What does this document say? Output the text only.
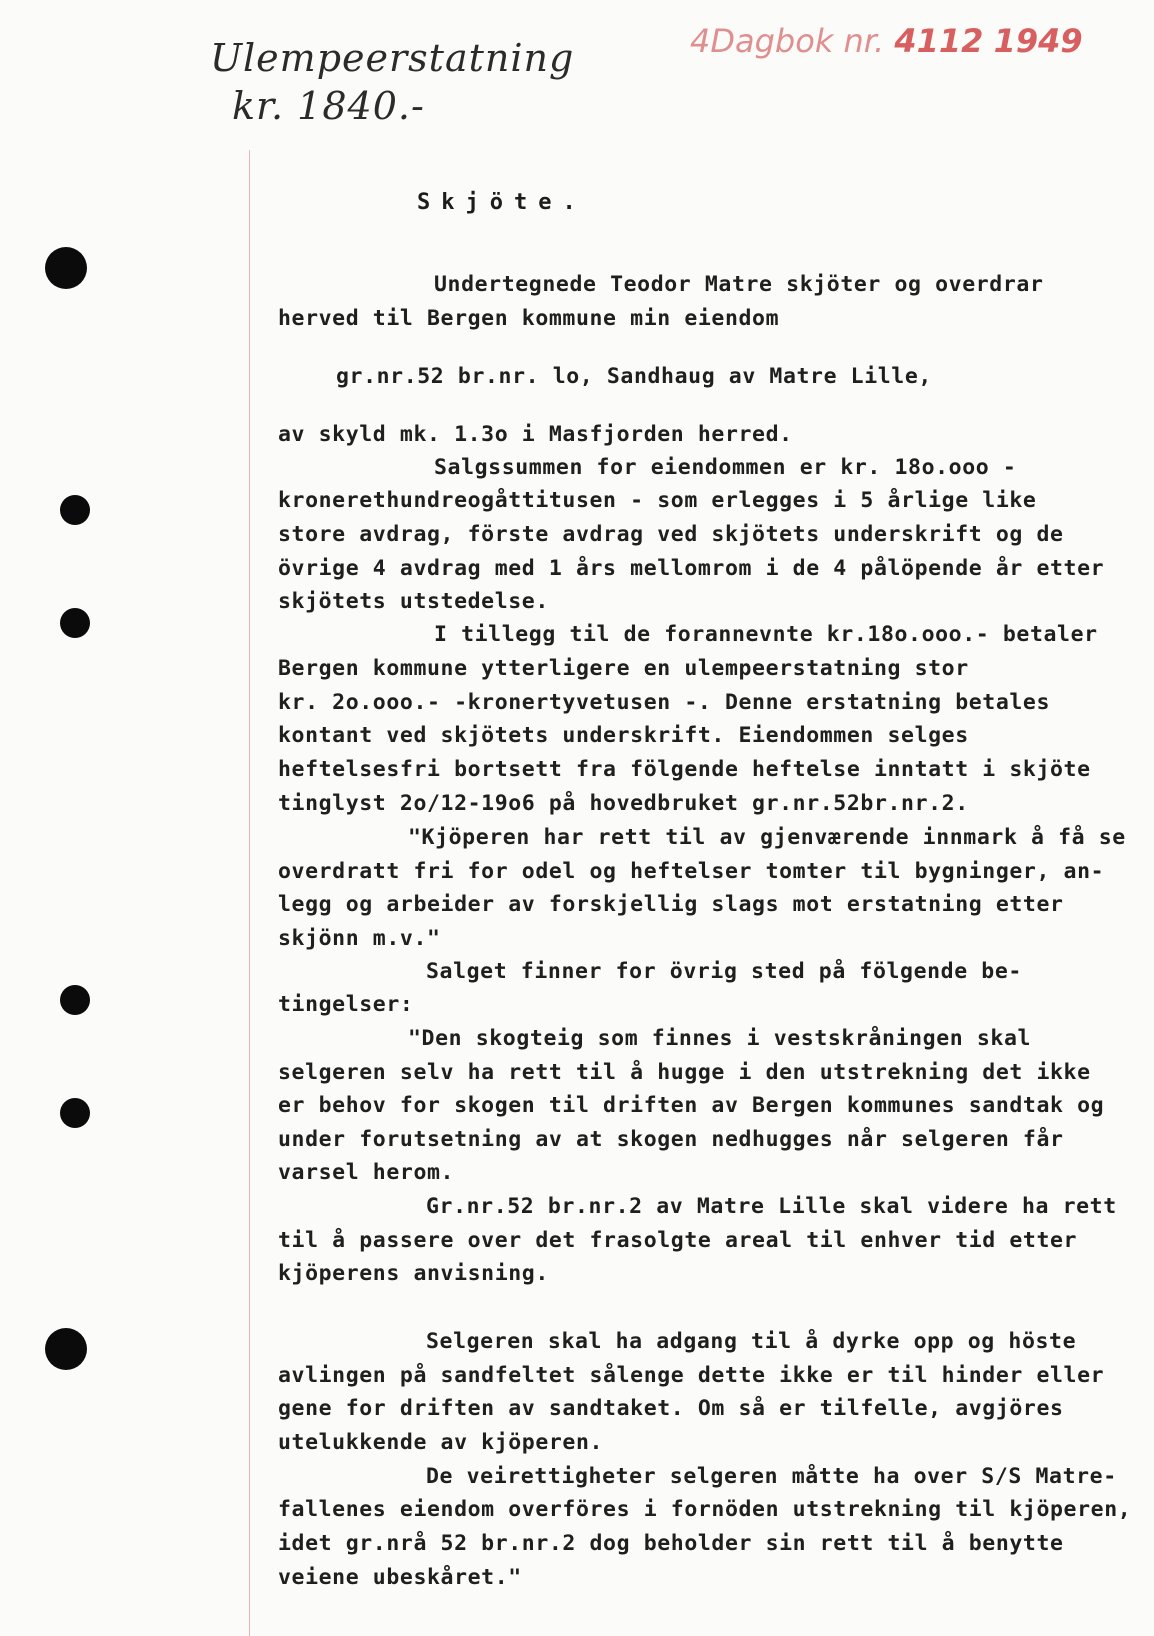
Ulempeerstatning
kr. 1840.-
4Dagbok nr. 4112 1949
Skjöte.
Undertegnede Teodor Matre skjöter og overdrar
herved til Bergen kommune min eiendom
gr.nr.52 br.nr. lo, Sandhaug av Matre Lille,
av skyld mk. 1.3o i Masfjorden herred.
Salgssummen for eiendommen er kr. 18o.ooo -
kronerethundreogåttitusen - som erlegges i 5 årlige like
store avdrag, förste avdrag ved skjötets underskrift og de
övrige 4 avdrag med 1 års mellomrom i de 4 pålöpende år etter
skjötets utstedelse.
I tillegg til de forannevnte kr.18o.ooo.- betaler
Bergen kommune ytterligere en ulempeerstatning stor
kr. 2o.ooo.- -kronertyvetusen -. Denne erstatning betales
kontant ved skjötets underskrift. Eiendommen selges
heftelsesfri bortsett fra fölgende heftelse inntatt i skjöte
tinglyst 2o/12-19o6 på hovedbruket gr.nr.52br.nr.2.
"Kjöperen har rett til av gjenværende innmark å få se
overdratt fri for odel og heftelser tomter til bygninger, an-
legg og arbeider av forskjellig slags mot erstatning etter
skjönn m.v."
Salget finner for övrig sted på fölgende be-
tingelser:
"Den skogteig som finnes i vestskråningen skal
selgeren selv ha rett til å hugge i den utstrekning det ikke
er behov for skogen til driften av Bergen kommunes sandtak og
under forutsetning av at skogen nedhugges når selgeren får
varsel herom.
Gr.nr.52 br.nr.2 av Matre Lille skal videre ha rett
til å passere over det frasolgte areal til enhver tid etter
kjöperens anvisning.
Selgeren skal ha adgang til å dyrke opp og höste
avlingen på sandfeltet sålenge dette ikke er til hinder eller
gene for driften av sandtaket. Om så er tilfelle, avgjöres
utelukkende av kjöperen.
De veirettigheter selgeren måtte ha over S/S Matre-
fallenes eiendom overföres i fornöden utstrekning til kjöperen,
idet gr.nrå 52 br.nr.2 dog beholder sin rett til å benytte
veiene ubeskåret."
